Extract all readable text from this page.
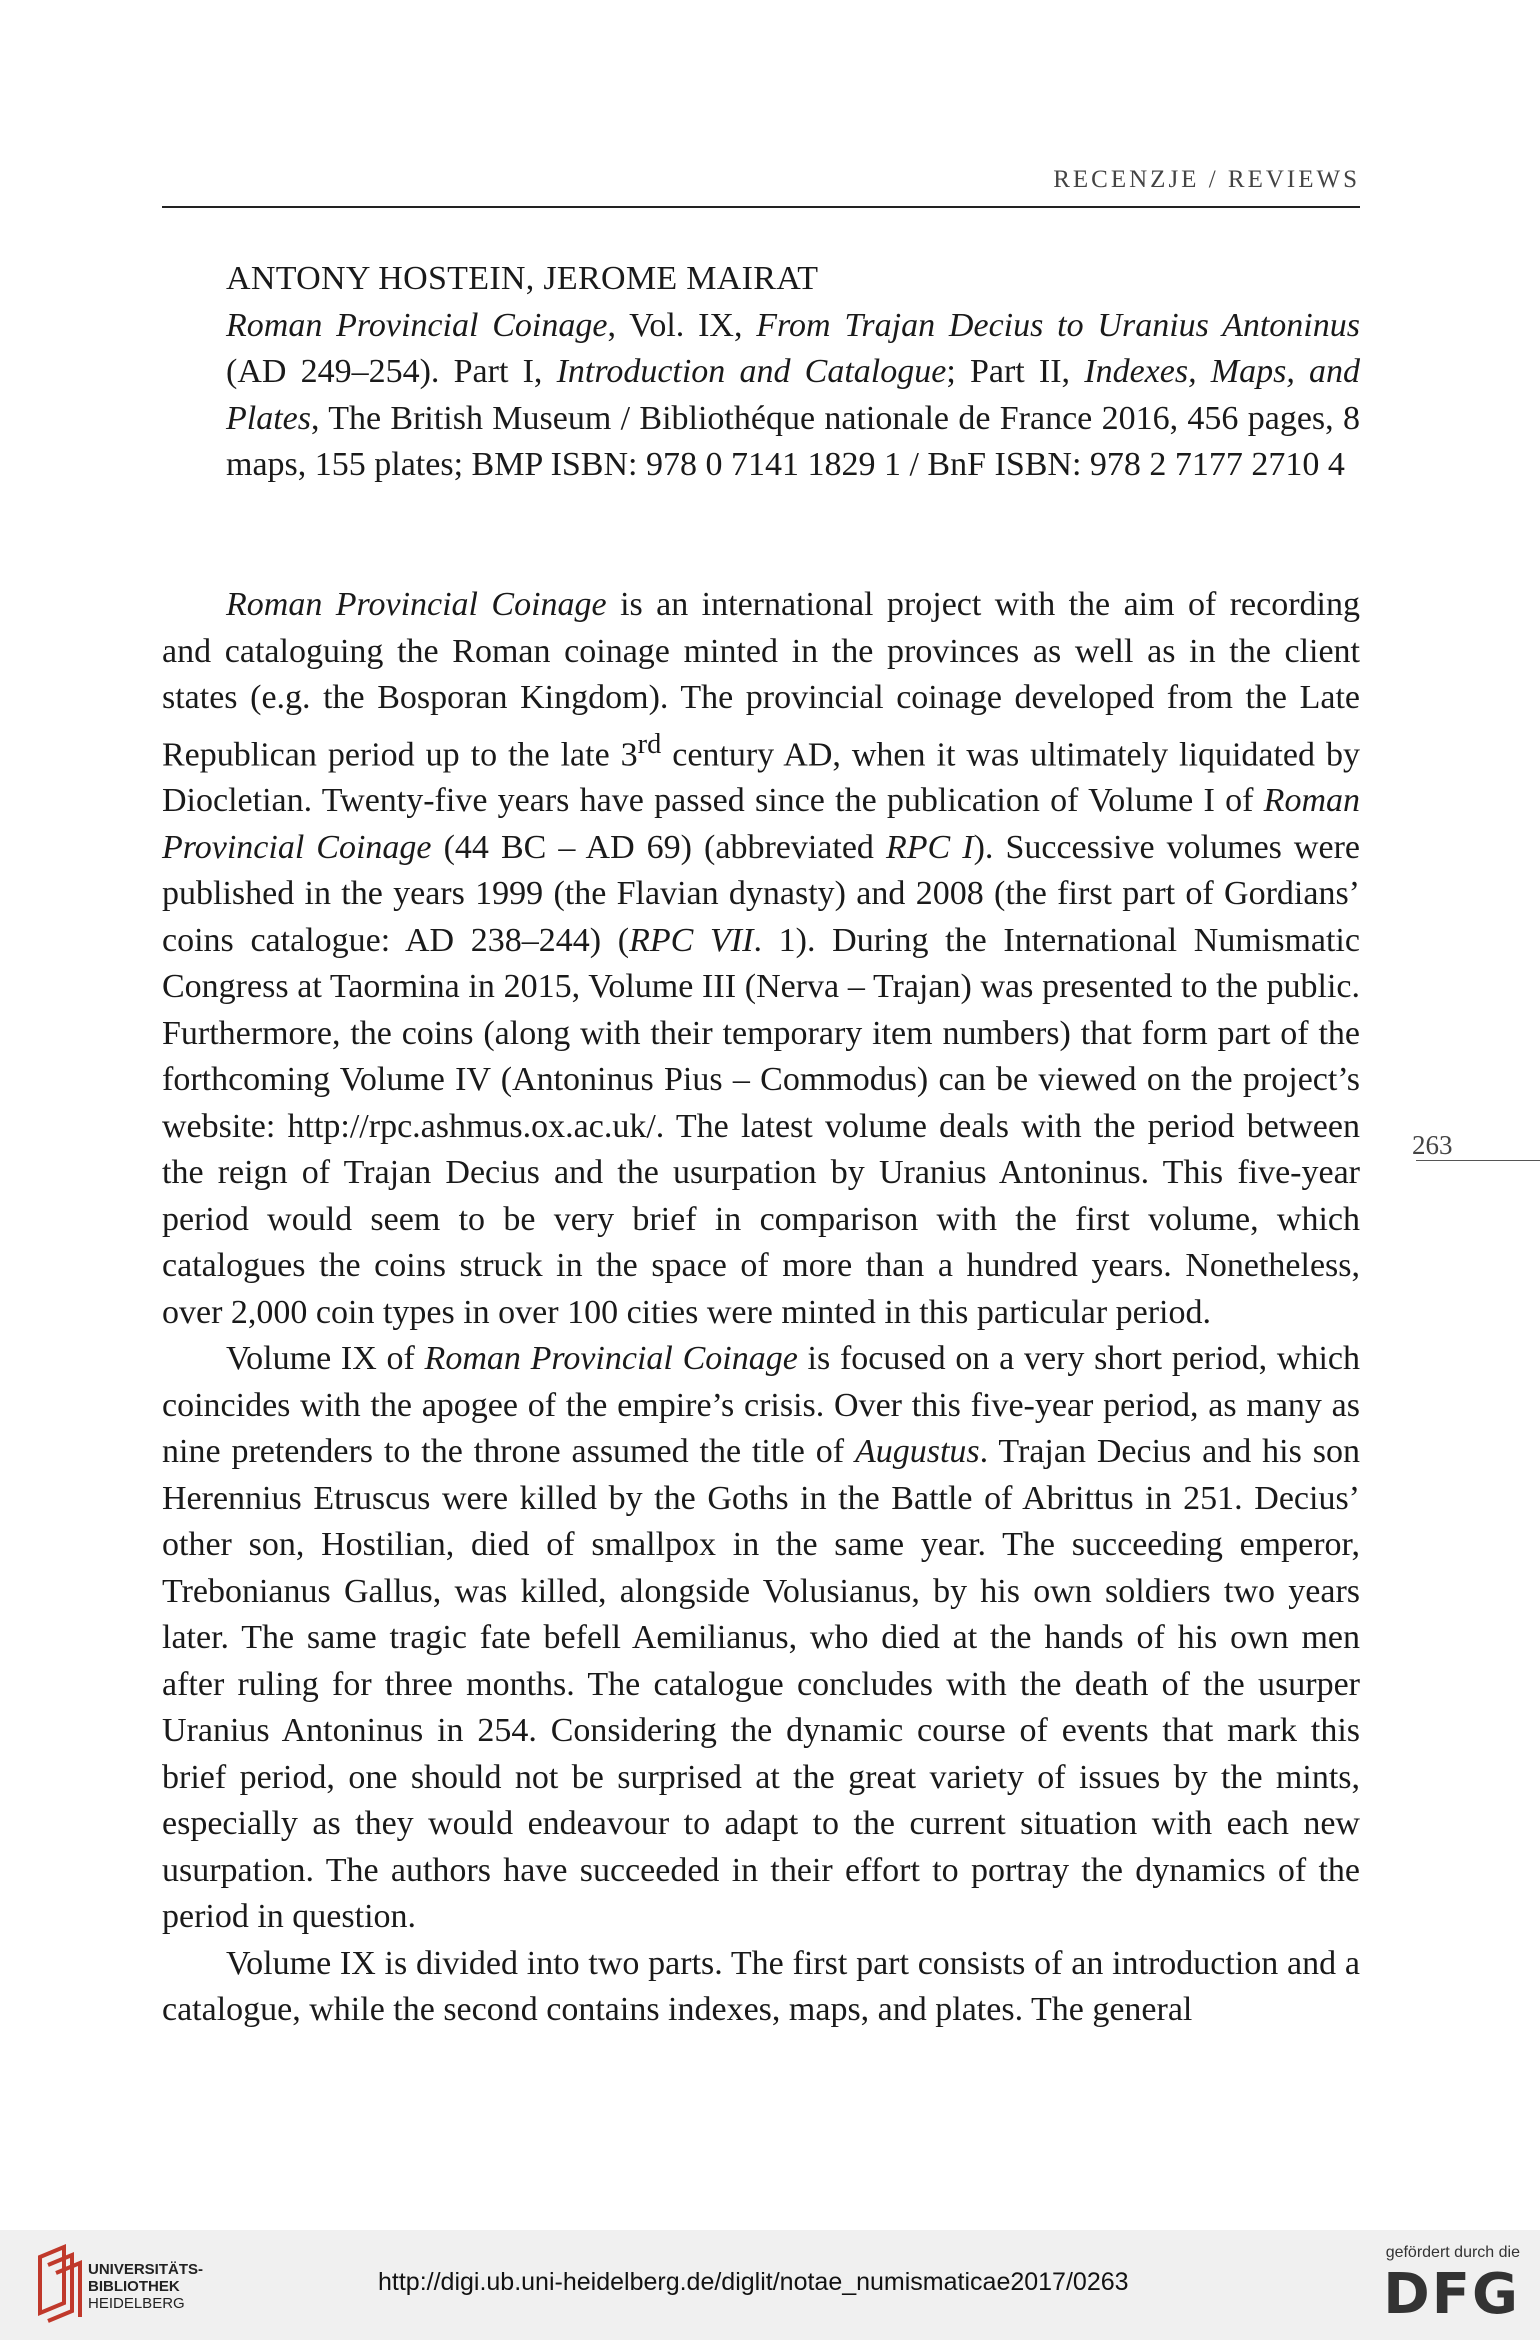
RECENZJE / REVIEWS
ANTONY HOSTEIN, JEROME MAIRAT
Roman Provincial Coinage, Vol. IX, From Trajan Decius to Uranius Antoninus (AD 249–254). Part I, Introduction and Catalogue; Part II, Indexes, Maps, and Plates, The British Museum / Bibliothéque nationale de France 2016, 456 pages, 8 maps, 155 plates; BMP ISBN: 978 0 7141 1829 1 / BnF ISBN: 978 2 7177 2710 4

Roman Provincial Coinage is an international project with the aim of recording and cataloguing the Roman coinage minted in the provinces as well as in the client states (e.g. the Bosporan Kingdom). The provincial coinage developed from the Late Republican period up to the late 3rd century AD, when it was ultimately liquidated by Diocletian. Twenty-five years have passed since the publication of Volume I of Roman Provincial Coinage (44 BC – AD 69) (abbreviated RPC I). Successive volumes were published in the years 1999 (the Flavian dynasty) and 2008 (the first part of Gordians’ coins catalogue: AD 238–244) (RPC VII. 1). During the International Numismatic Congress at Taormina in 2015, Volume III (Nerva – Trajan) was presented to the public. Furthermore, the coins (along with their temporary item numbers) that form part of the forthcoming Volume IV (Antoninus Pius – Commodus) can be viewed on the project’s website: http://rpc.ashmus.ox.ac.uk/. The latest volume deals with the period between the reign of Trajan Decius and the usurpation by Uranius Antoninus. This five-year period would seem to be very brief in comparison with the first volume, which catalogues the coins struck in the space of more than a hundred years. Nonetheless, over 2,000 coin types in over 100 cities were minted in this particular period.

Volume IX of Roman Provincial Coinage is focused on a very short period, which coincides with the apogee of the empire’s crisis. Over this five-year period, as many as nine pretenders to the throne assumed the title of Augustus. Trajan Decius and his son Herennius Etruscus were killed by the Goths in the Battle of Abrittus in 251. Decius’ other son, Hostilian, died of smallpox in the same year. The succeeding emperor, Trebonianus Gallus, was killed, alongside Volusianus, by his own soldiers two years later. The same tragic fate befell Aemilianus, who died at the hands of his own men after ruling for three months. The catalogue concludes with the death of the usurper Uranius Antoninus in 254. Considering the dynamic course of events that mark this brief period, one should not be surprised at the great variety of issues by the mints, especially as they would endeavour to adapt to the current situation with each new usurpation. The authors have succeeded in their effort to portray the dynamics of the period in question.

Volume IX is divided into two parts. The first part consists of an introduction and a catalogue, while the second contains indexes, maps, and plates. The general

263
UNIVERSITÄTS-
BIBLIOTHEK
HEIDELBERG
http://digi.ub.uni-heidelberg.de/diglit/notae_numismaticae2017/0263
gefördert durch die
DFG
